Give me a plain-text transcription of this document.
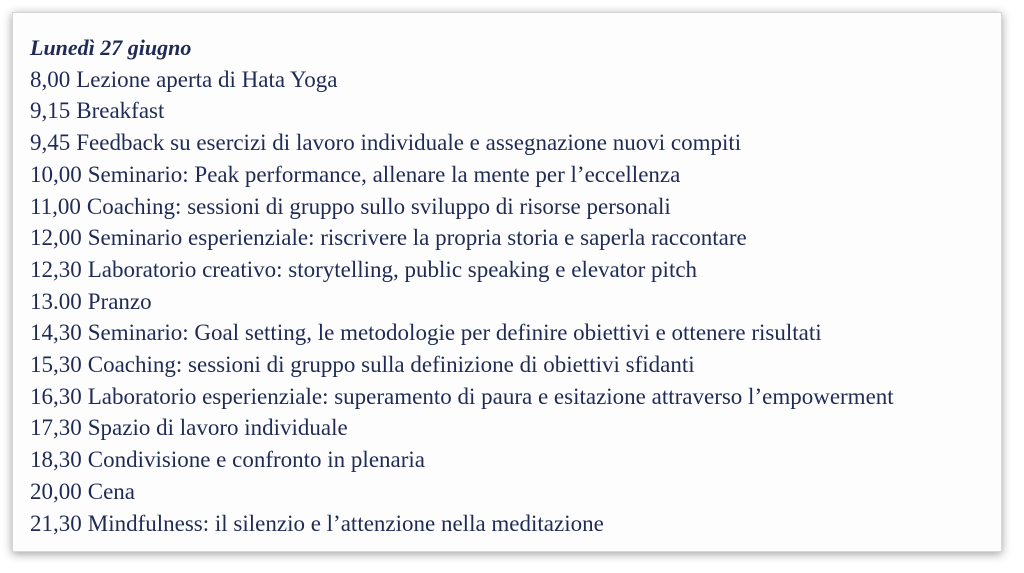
Lunedì 27 giugno
8,00 Lezione aperta di Hata Yoga
9,15 Breakfast
9,45 Feedback su esercizi di lavoro individuale e assegnazione nuovi compiti
10,00 Seminario: Peak performance, allenare la mente per l’eccellenza
11,00 Coaching: sessioni di gruppo sullo sviluppo di risorse personali
12,00 Seminario esperienziale: riscrivere la propria storia e saperla raccontare
12,30 Laboratorio creativo: storytelling, public speaking e elevator pitch
13.00 Pranzo
14,30 Seminario: Goal setting, le metodologie per definire obiettivi e ottenere risultati
15,30 Coaching: sessioni di gruppo sulla definizione di obiettivi sfidanti
16,30 Laboratorio esperienziale: superamento di paura e esitazione attraverso l’empowerment
17,30 Spazio di lavoro individuale
18,30 Condivisione e confronto in plenaria
20,00 Cena
21,30 Mindfulness: il silenzio e l’attenzione nella meditazione
